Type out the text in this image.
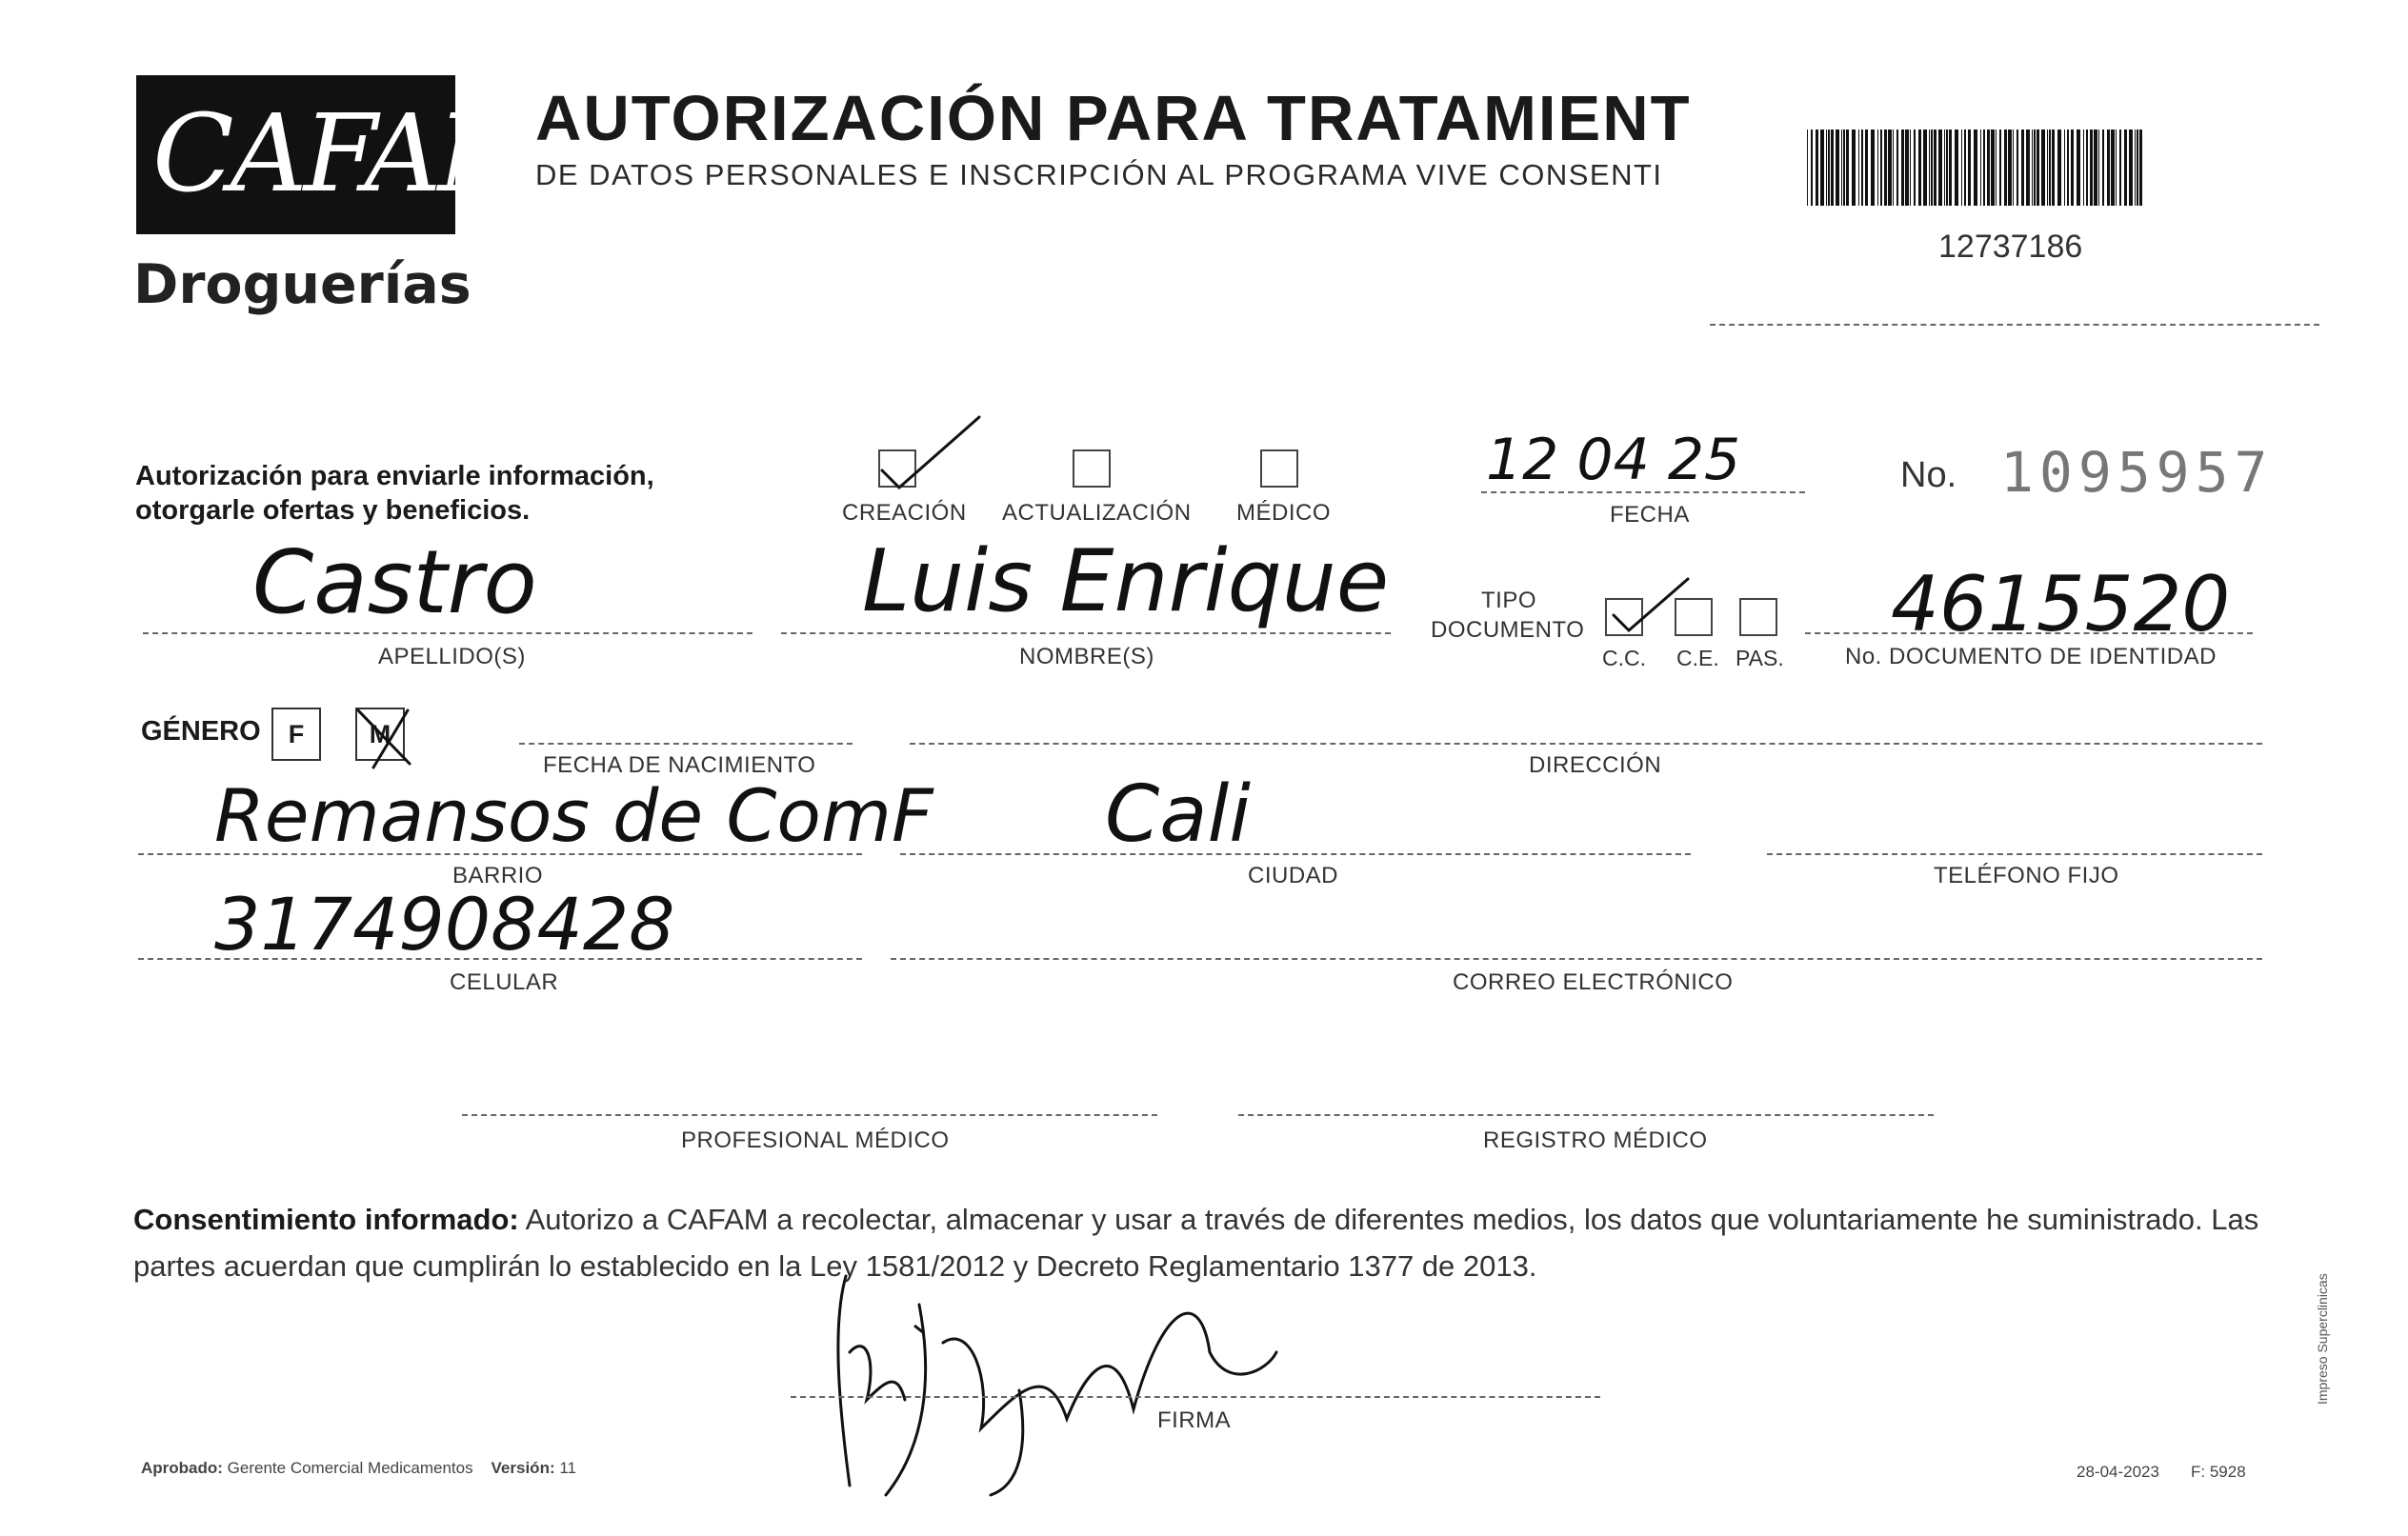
CAFAM
Droguerías
AUTORIZACIÓN PARA TRATAMIENT
DE DATOS PERSONALES E INSCRIPCIÓN AL PROGRAMA VIVE CONSENTI
12737186
Autorización para enviarle información,
otorgarle ofertas y beneficios.	CREACIÓN ACTUALIZACIÓN MÉDICO
12 04 25
FECHA
No. 1095957
Castro
APELLIDO(S)
Luis Enrique
NOMBRE(S)
TIPO
DOCUMENTO
C.C. C.E. PAS.
4615520
No. DOCUMENTO DE IDENTIDAD
GÉNERO	F	M
FECHA DE NACIMIENTO	DIRECCIÓN
Remansos de ComF
BARRIO
Cali
CIUDAD	TELÉFONO FIJO
3174908428
CELULAR	CORREO ELECTRÓNICO
PROFESIONAL MÉDICO	REGISTRO MÉDICO
Consentimiento informado: Autorizo a CAFAM a recolectar, almacenar y usar a través de diferentes medios, los datos que voluntariamente he suministrado. Las partes acuerdan que cumplirán lo establecido en la Ley 1581/2012 y Decreto Reglamentario 1377 de 2013.
FIRMA
Aprobado: Gerente Comercial Medicamentos Versión: 11	28-04-2023 F: 5928
Impreso Superclinicas
